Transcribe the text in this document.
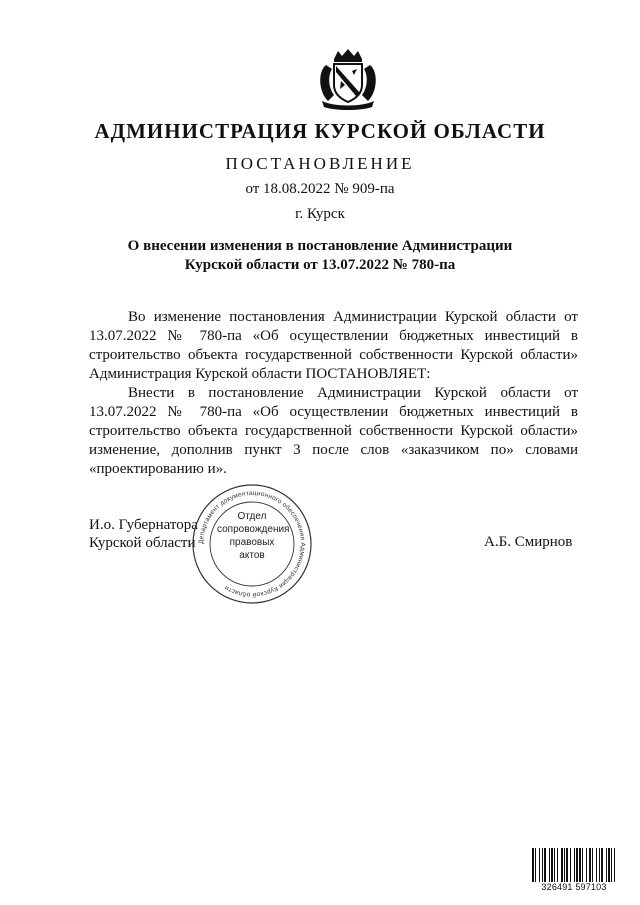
АДМИНИСТРАЦИЯ КУРСКОЙ ОБЛАСТИ
ПОСТАНОВЛЕНИЕ
от 18.08.2022 № 909-па
г. Курск
О внесении изменения в постановление Администрации
Курской области от 13.07.2022 № 780-па

Во изменение постановления Администрации Курской области от
13.07.2022 № 780-па «Об осуществлении бюджетных инвестиций в
строительство объекта государственной собственности Курской области»
Администрация Курской области ПОСТАНОВЛЯЕТ:

Внести в постановление Администрации Курской области от
13.07.2022 № 780-па «Об осуществлении бюджетных инвестиций в
строительство объекта государственной собственности Курской области»
изменение, дополнив пункт 3 после слов «заказчиком по» словами
«проектированию и».

И.о. Губернатора
Курской области	А.Б. Смирнов
Департамент документационного обеспечения Администрации Курской области
Отдел
сопровождения
правовых
актов
326491 597103
